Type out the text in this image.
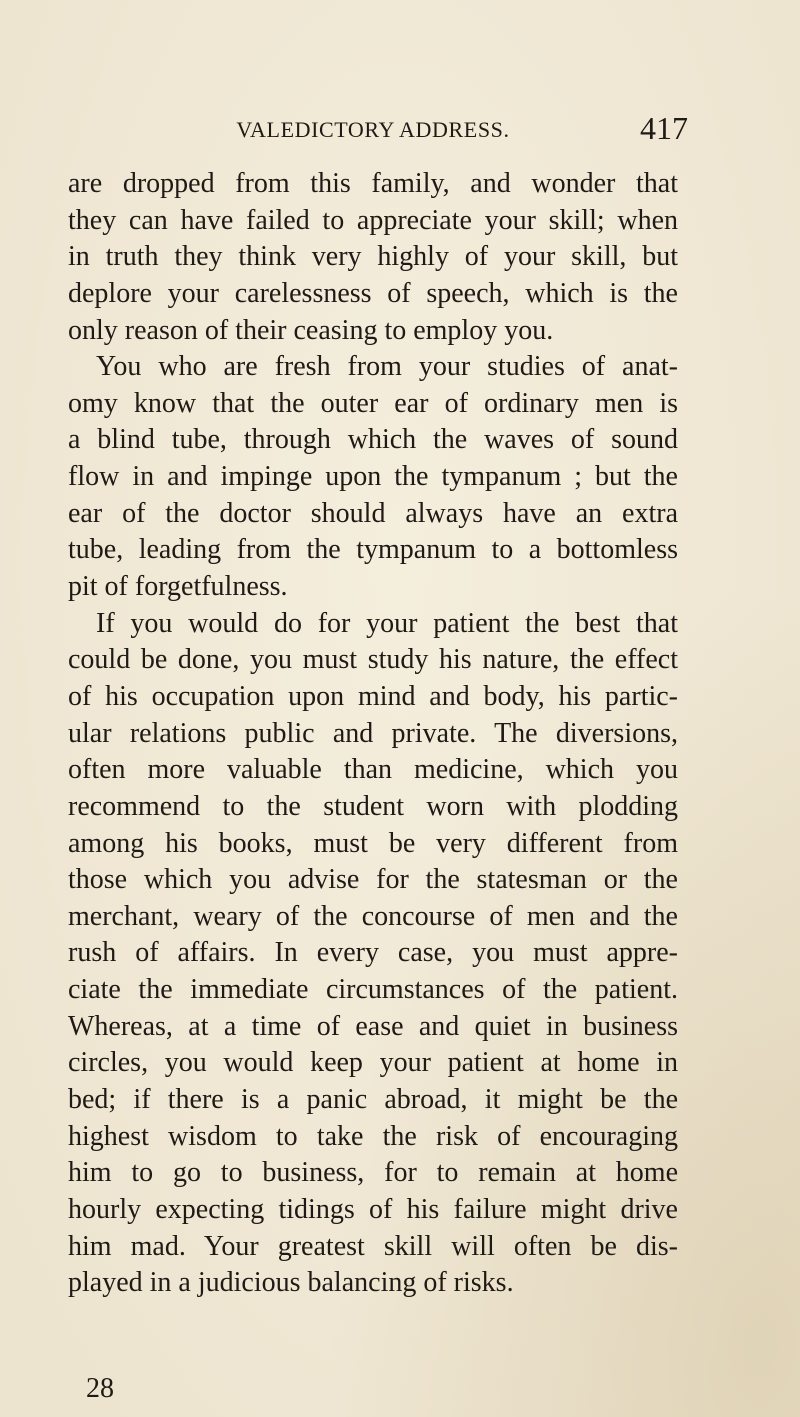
VALEDICTORY ADDRESS.	417
are dropped from this family, and wonder that
they can have failed to appreciate your skill; when
in truth they think very highly of your skill, but
deplore your carelessness of speech, which is the
only reason of their ceasing to employ you.
You who are fresh from your studies of anat-
omy know that the outer ear of ordinary men is
a blind tube, through which the waves of sound
flow in and impinge upon the tympanum ; but the
ear of the doctor should always have an extra
tube, leading from the tympanum to a bottomless
pit of forgetfulness.
If you would do for your patient the best that
could be done, you must study his nature, the effect
of his occupation upon mind and body, his partic-
ular relations public and private. The diversions,
often more valuable than medicine, which you
recommend to the student worn with plodding
among his books, must be very different from
those which you advise for the statesman or the
merchant, weary of the concourse of men and the
rush of affairs. In every case, you must appre-
ciate the immediate circumstances of the patient.
Whereas, at a time of ease and quiet in business
circles, you would keep your patient at home in
bed; if there is a panic abroad, it might be the
highest wisdom to take the risk of encouraging
him to go to business, for to remain at home
hourly expecting tidings of his failure might drive
him mad. Your greatest skill will often be dis-
played in a judicious balancing of risks.
28
